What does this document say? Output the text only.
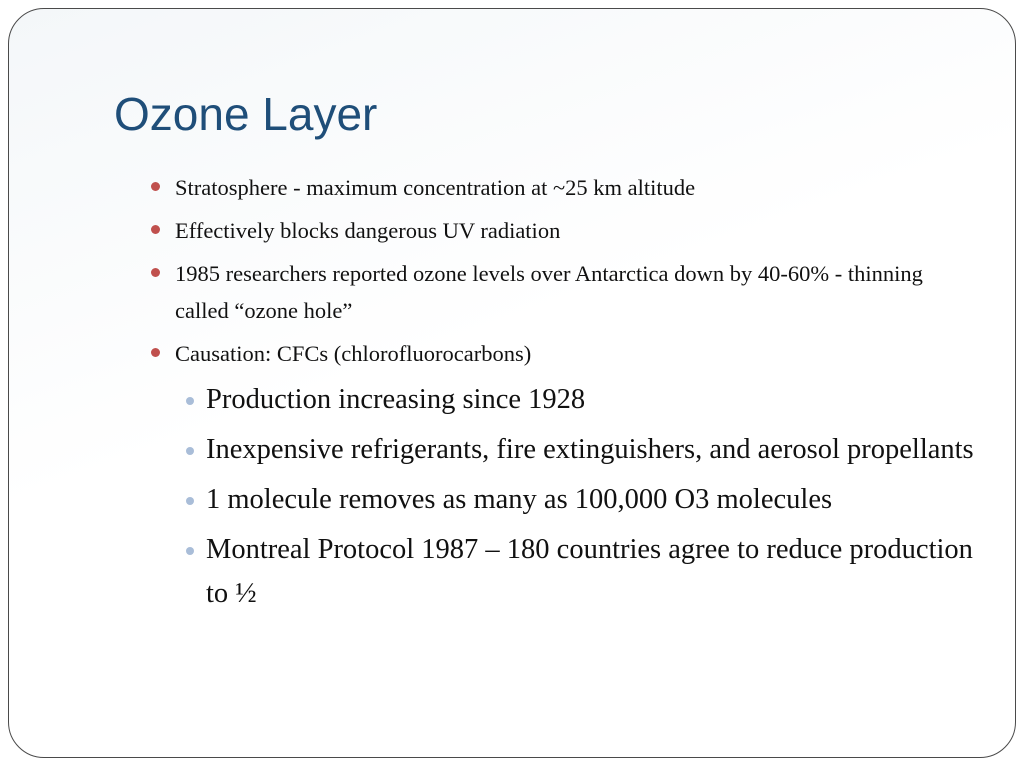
Ozone Layer
Stratosphere - maximum concentration at ~25 km altitude
Effectively blocks dangerous UV radiation
1985 researchers reported ozone levels over Antarctica down by 40-60% - thinning called “ozone hole”
Causation: CFCs (chlorofluorocarbons)
Production increasing since 1928
Inexpensive refrigerants, fire extinguishers, and aerosol propellants
1 molecule removes as many as 100,000 O3 molecules
Montreal Protocol 1987 – 180 countries agree to reduce production to ½
